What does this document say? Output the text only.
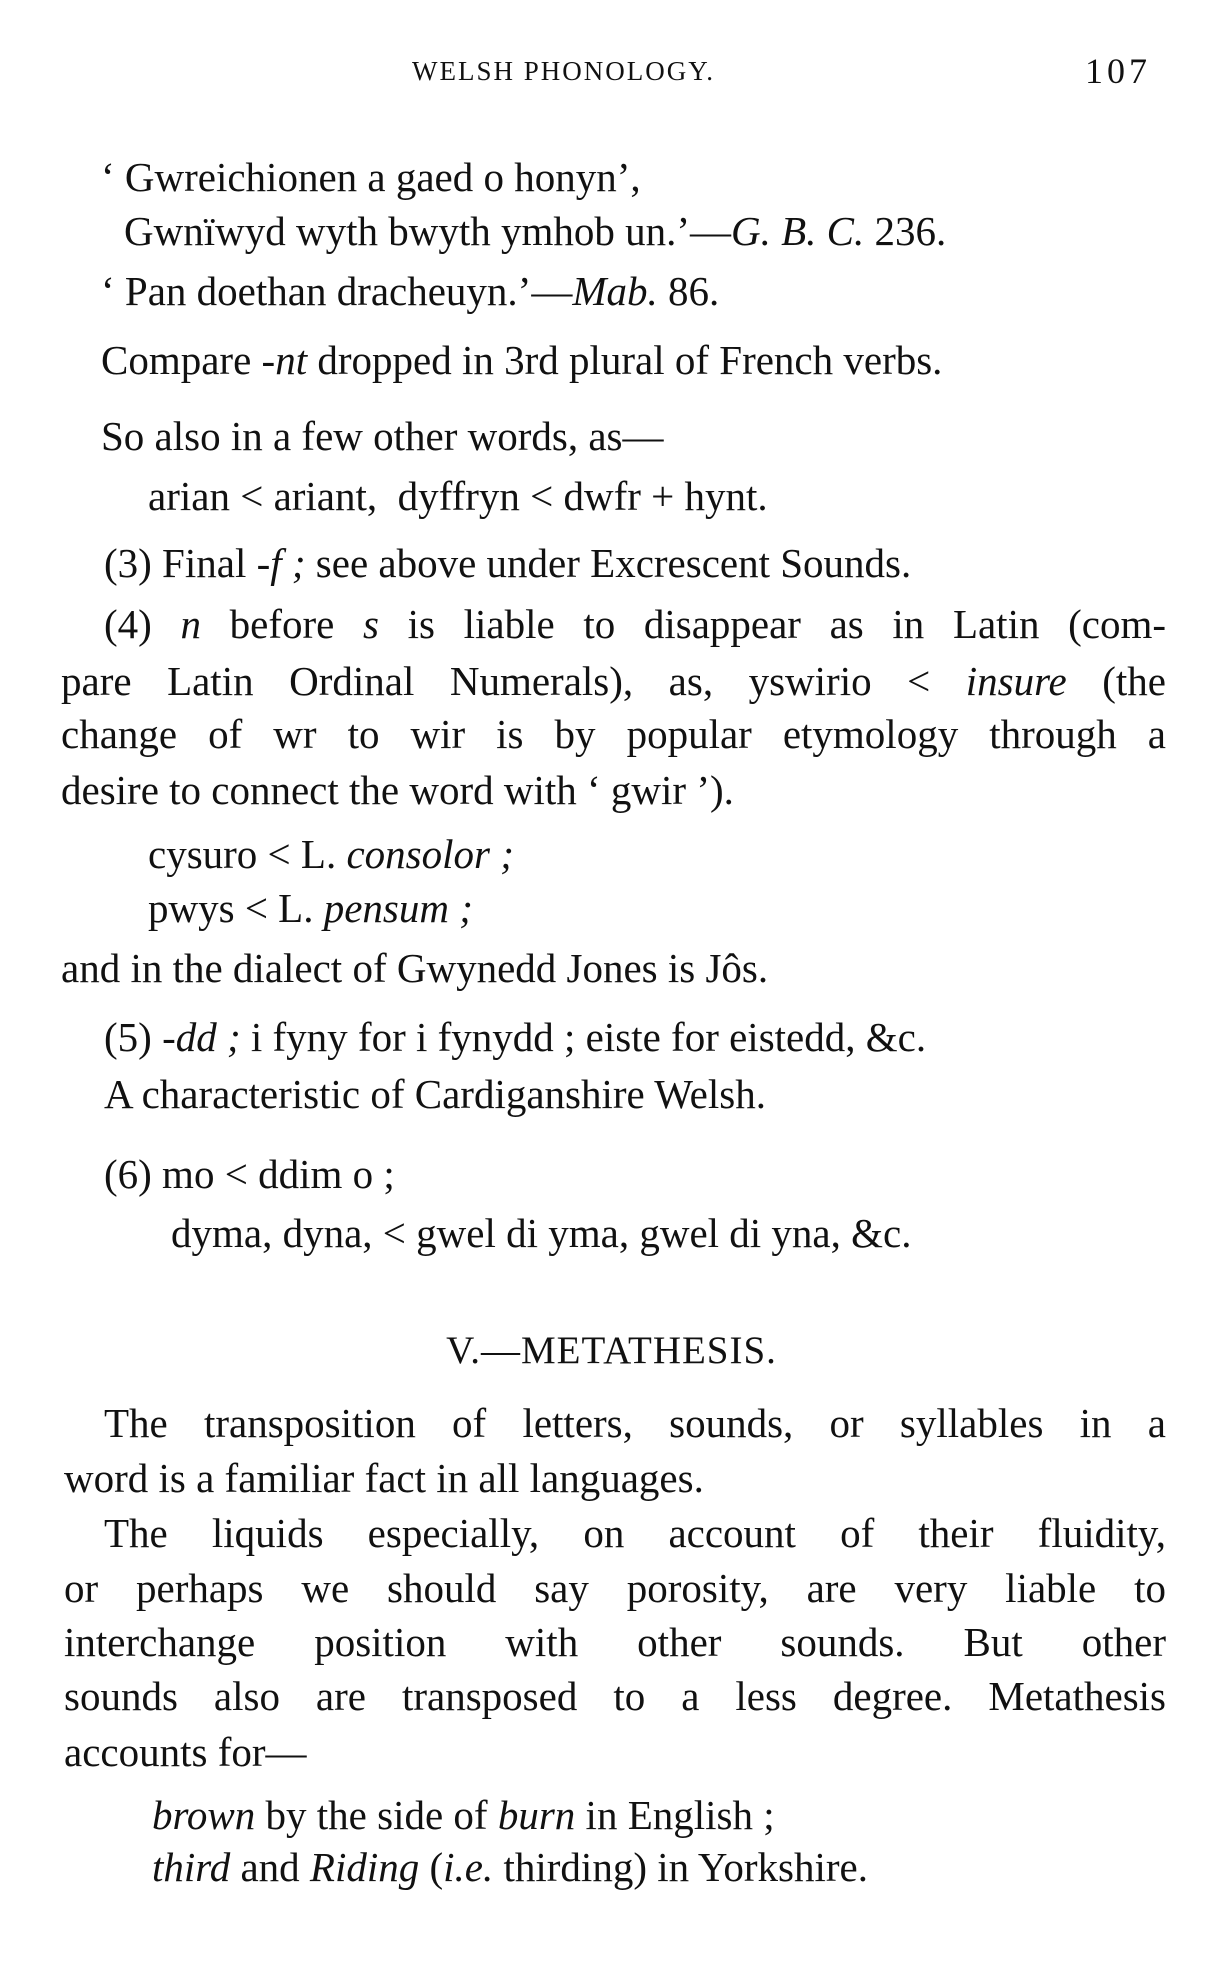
WELSH PHONOLOGY.	107
‘ Gwreichionen a gaed o honyn’,
Gwnïwyd wyth bwyth ymhob un.’—G. B. C. 236.
‘ Pan doethan dracheuyn.’—Mab. 86.
Compare -nt dropped in 3rd plural of French verbs.
So also in a few other words, as—
arian < ariant,  dyffryn < dwfr + hynt.
(3) Final -f ; see above under Excrescent Sounds.
(4) n before s is liable to disappear as in Latin (com-
pare Latin Ordinal Numerals), as, yswirio < insure (the
change of wr to wir is by popular etymology through a
desire to connect the word with ‘ gwir ’).
cysuro < L. consolor ;
pwys < L. pensum ;
and in the dialect of Gwynedd Jones is Jôs.
(5) -dd ; i fyny for i fynydd ; eiste for eistedd, &c.
A characteristic of Cardiganshire Welsh.
(6) mo < ddim o ;
dyma, dyna, < gwel di yma, gwel di yna, &c.
V.—METATHESIS.
The transposition of letters, sounds, or syllables in a
word is a familiar fact in all languages.
The liquids especially, on account of their fluidity,
or perhaps we should say porosity, are very liable to
interchange position with other sounds. But other
sounds also are transposed to a less degree. Metathesis
accounts for—
brown by the side of burn in English ;
third and Riding (i.e. thirding) in Yorkshire.
